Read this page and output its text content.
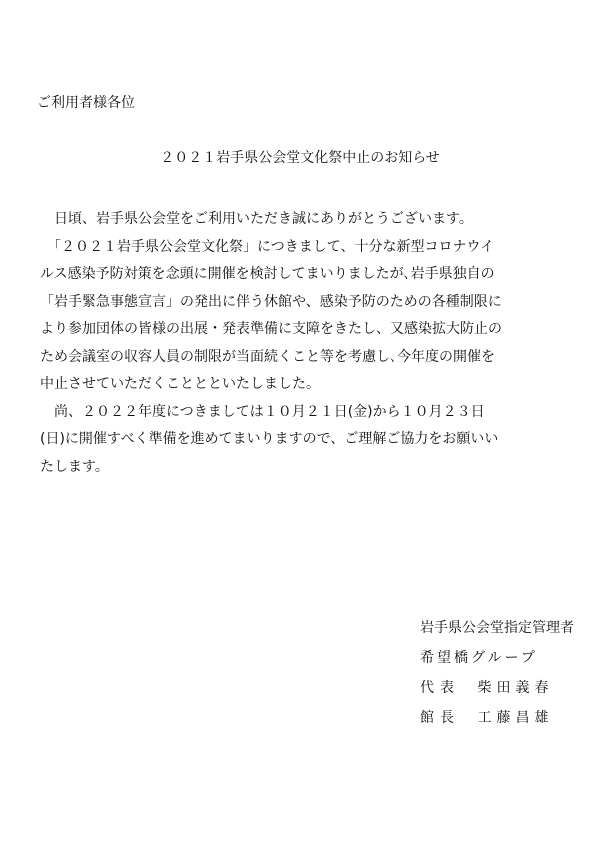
ご利用者様各位
２０２１岩手県公会堂文化祭中止のお知らせ
　日頃、岩手県公会堂をご利用いただき誠にありがとうございます。
　「２０２１岩手県公会堂文化祭」につきまして、十分な新型コロナウイ
ルス感染予防対策を念頭に開催を検討してまいりましたが､岩手県独自の
「岩手緊急事態宣言」の発出に伴う休館や、感染予防のための各種制限に
より参加団体の皆様の出展・発表準備に支障をきたし、又感染拡大防止の
ため会議室の収容人員の制限が当面続くこと等を考慮し､今年度の開催を
中止させていただくこととといたしました。
　尚、２０２２年度につきましては１０月２１日(金)から１０月２３日
(日)に開催すべく準備を進めてまいりますので、ご理解ご協力をお願いい
たします。
岩手県公会堂指定管理者
希望橋グループ
代表 柴田義春
館長 工藤昌雄
